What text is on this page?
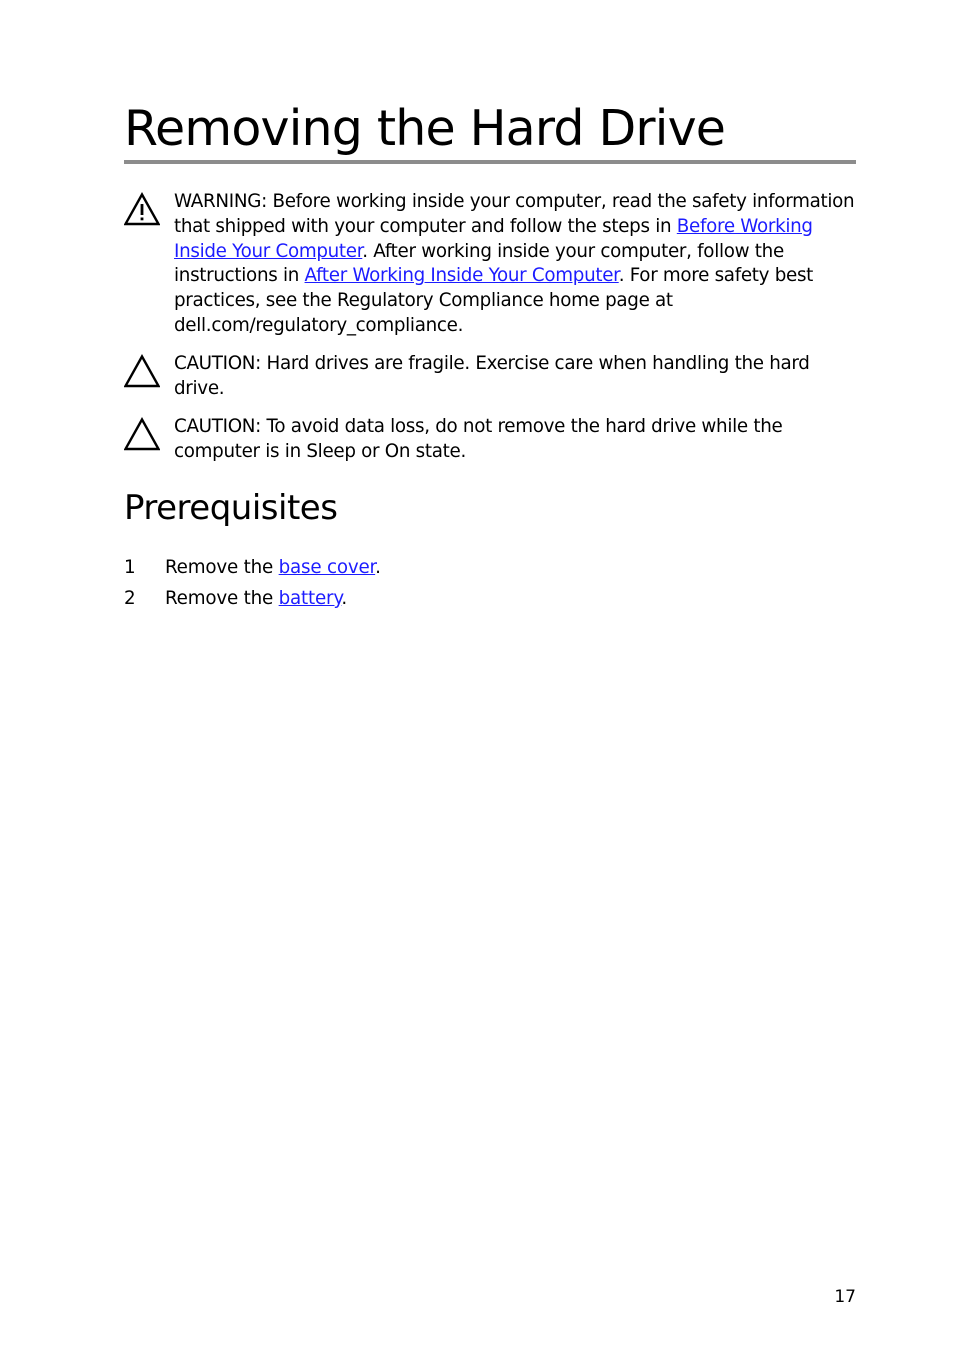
Removing the Hard Drive
WARNING: Before working inside your computer, read the safety information that shipped with your computer and follow the steps in Before Working Inside Your Computer. After working inside your computer, follow the instructions in After Working Inside Your Computer. For more safety best practices, see the Regulatory Compliance home page at dell.com/regulatory_compliance.
CAUTION: Hard drives are fragile. Exercise care when handling the hard drive.
CAUTION: To avoid data loss, do not remove the hard drive while the computer is in Sleep or On state.
Prerequisites
1 Remove the base cover.
2 Remove the battery.
17
